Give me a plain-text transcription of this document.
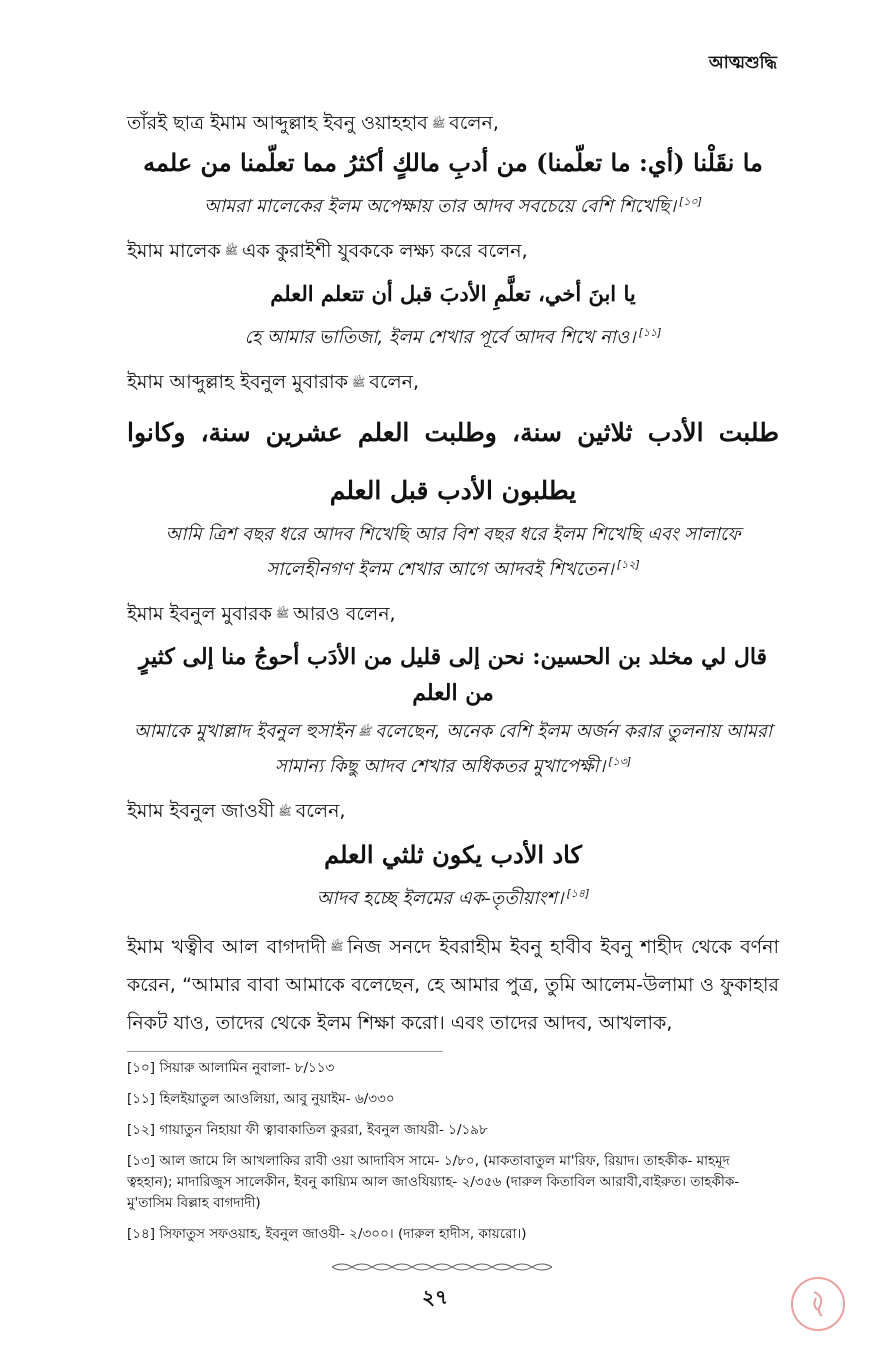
আত্মশুদ্ধি
তাঁরই ছাত্র ইমাম আব্দুল্লাহ ইবনু ওয়াহহাব ﷺ বলেন,
ما نقَلْنا (أي: ما تعلّمنا) من أدبِ مالكٍ أكثرُ مما تعلّمنا من علمه
আমরা মালেকের ইলম অপেক্ষায় তার আদব সবচেয়ে বেশি শিখেছি। [১০]
ইমাম মালেক ﷺ এক কুরাইশী যুবককে লক্ষ্য করে বলেন,
يا ابنَ أخي، تعلَّمِ الأدبَ قبل أن تتعلم العلم
হে আমার ভাতিজা, ইলম শেখার পূর্বে আদব শিখে নাও। [১১]
ইমাম আব্দুল্লাহ ইবনুল মুবারাক ﷺ বলেন,
طلبت الأدب ثلاثين سنة، وطلبت العلم عشرين سنة، وكانوا يطلبون الأدب قبل العلم
আমি ত্রিশ বছর ধরে আদব শিখেছি আর বিশ বছর ধরে ইলম শিখেছি এবং সালাফে সালেহীনগণ ইলম শেখার আগে আদবই শিখতেন। [১২]
ইমাম ইবনুল মুবারক ﷺ আরও বলেন,
قال لي مخلد بن الحسين: نحن إلى قليل من الأدَب أحوجُ منا إلى كثيرٍ من العلم
আমাকে মুখাল্লাদ ইবনুল হুসাইন ﷺ বলেছেন, অনেক বেশি ইলম অর্জন করার তুলনায় আমরা সামান্য কিছু আদব শেখার অধিকতর মুখাপেক্ষী। [১৩]
ইমাম ইবনুল জাওযী ﷺ বলেন,
كاد الأدب يكون ثلثي العلم
আদব হচ্ছে ইলমের এক-তৃতীয়াংশ। [১৪]
ইমাম খত্বীব আল বাগদাদী ﷺ নিজ সনদে ইবরাহীম ইবনু হাবীব ইবনু শাহীদ থেকে বর্ণনা করেন, “আমার বাবা আমাকে বলেছেন, হে আমার পুত্র, তুমি আলেম-উলামা ও ফুকাহার নিকট যাও, তাদের থেকে ইলম শিক্ষা করো। এবং তাদের আদব, আখলাক,
[১০] সিয়ারু আলামিন নুবালা- ৮/১১৩
[১১] হিলইয়াতুল আওলিয়া, আবু নুয়াইম- ৬/৩৩০
[১২] গায়াতুন নিহায়া ফী ত্বাবাকাতিল কুররা, ইবনুল জাযরী- ১/১৯৮
[১৩] আল জামে লি আখলাকির রাবী ওয়া আদাবিস সামে- ১/৮০, (মাকতাবাতুল মা'রিফ, রিয়াদ। তাহকীক- মাহমূদ ত্বহহান); মাদারিজুস সালেকীন, ইবনু কায়্যিম আল জাওযিয়্যাহ- ২/৩৫৬ (দারুল কিতাবিল আরাবী,বাইরুত। তাহকীক- মু'তাসিম বিল্লাহ বাগদাদী)
[১৪] সিফাতুস সফওয়াহ, ইবনুল জাওযী- ২/৩০০। (দারুল হাদীস, কায়রো।)
২৭
